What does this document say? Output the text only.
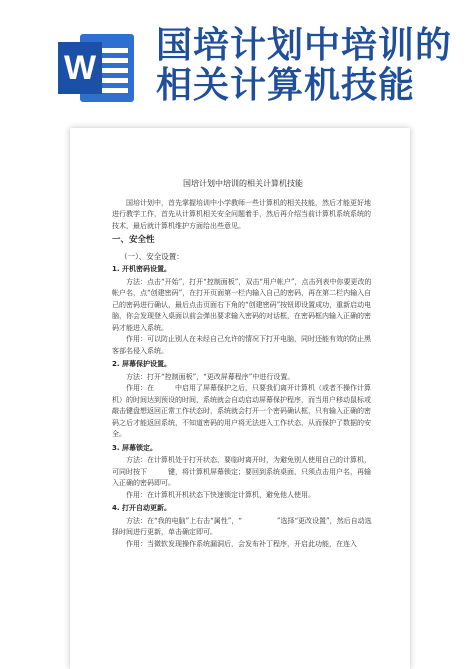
W
国培计划中培训的
相关计算机技能
国培计划中培训的相关计算机技能

国培计划中，首先掌握培训中小学教师一些计算机的相关技能，然后才能更好地进行教学工作，首先从计算机相关安全问题着手，然后再介绍当前计算机系统系统的技术，最后就计算机维护方面给出些意见。

一、安全性
（一）、安全设置：
1. 开机密码设置。

方法：点击“开始”，打开“控制面板”，双击“用户帐户”，点击列表中你要更改的帐户名，点“创建密码”，在打开页面第一栏内输入自己的密码，再在第二栏内输入自己的密码进行确认，最后点击页面右下角的“创建密码”按钮即设置成功，重新启动电脑，你会发现登入桌面以前会弹出要求输入密码的对话框，在密码框内输入正确的密码才能进入系统。

作用：可以防止别人在未经自己允许的情况下打开电脑，同时还能有效的防止黑客部名侵入系统。

2. 屏幕保护设置。

方法：打开“控制面板”，“更改屏幕程序”中进行设置。

作用：在　　　中启用了屏幕保护之后，只要我们离开计算机（或者不操作计算机）的时间达到预设的时间，系统就会自动启动屏幕保护程序，而当用户移动鼠标或敲击键盘想返回正常工作状态时，系统就会打开一个密码确认框，只有输入正确的密码之后才能返回系统，不知道密码的用户将无法进入工作状态，从而保护了数据的安全。

3. 屏幕锁定。

方法：在计算机处于打开状态，要临时离开时，为避免别人使用自己的计算机，可同时按下　　　键，将计算机屏幕锁定；要回到系统桌面，只须点击用户名，再输入正确的密码即可。

作用：在计算机开机状态下快速锁定计算机，避免他人使用。

4. 打开自动更新。

方法：在“我的电脑”上右击“属性”，“　　　　　”选择“更改设置”，然后自动选择时间进行更新，单击确定即可。

作用：当微软发现操作系统漏洞后，会发布补丁程序，开启此功能，在连入
